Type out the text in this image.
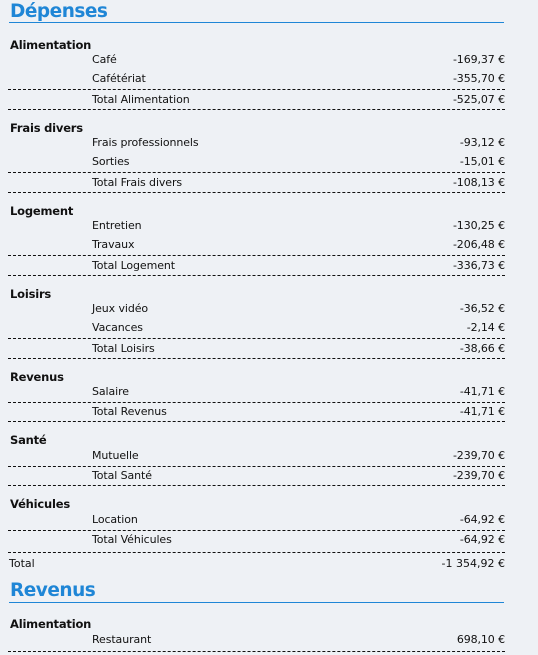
Dépenses
Alimentation
Café	-169,37 €
Cafétériat	-355,70 €
Total Alimentation	-525,07 €
Frais divers
Frais professionnels	-93,12 €
Sorties	-15,01 €
Total Frais divers	-108,13 €
Logement
Entretien	-130,25 €
Travaux	-206,48 €
Total Logement	-336,73 €
Loisirs
Jeux vidéo	-36,52 €
Vacances	-2,14 €
Total Loisirs	-38,66 €
Revenus
Salaire	-41,71 €
Total Revenus	-41,71 €
Santé
Mutuelle	-239,70 €
Total Santé	-239,70 €
Véhicules
Location	-64,92 €
Total Véhicules	-64,92 €
Total	-1 354,92 €
Revenus
Alimentation
Restaurant	698,10 €
